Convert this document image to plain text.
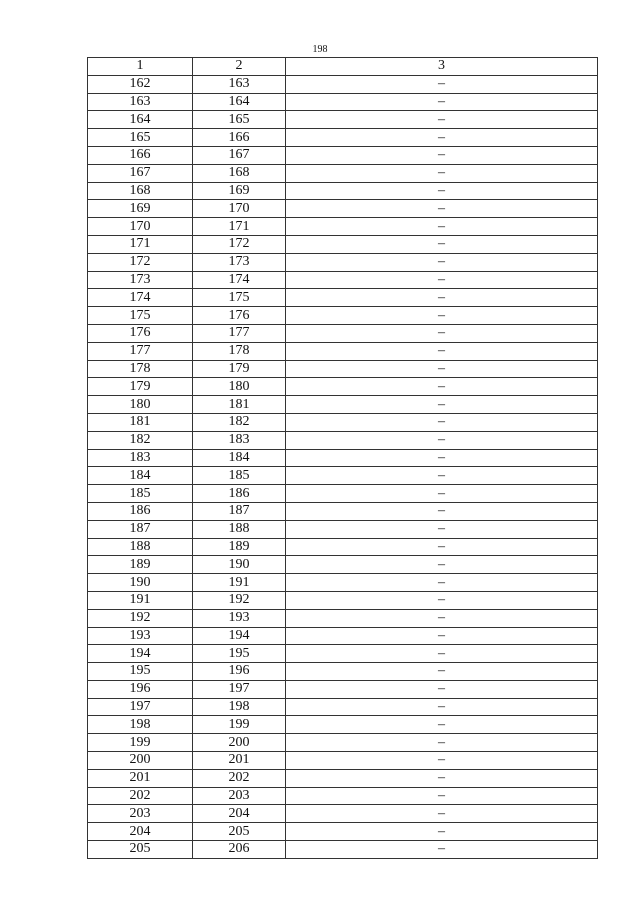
198
1	2	3
162	163	–
163	164	–
164	165	–
165	166	–
166	167	–
167	168	–
168	169	–
169	170	–
170	171	–
171	172	–
172	173	–
173	174	–
174	175	–
175	176	–
176	177	–
177	178	–
178	179	–
179	180	–
180	181	–
181	182	–
182	183	–
183	184	–
184	185	–
185	186	–
186	187	–
187	188	–
188	189	–
189	190	–
190	191	–
191	192	–
192	193	–
193	194	–
194	195	–
195	196	–
196	197	–
197	198	–
198	199	–
199	200	–
200	201	–
201	202	–
202	203	–
203	204	–
204	205	–
205	206	–
